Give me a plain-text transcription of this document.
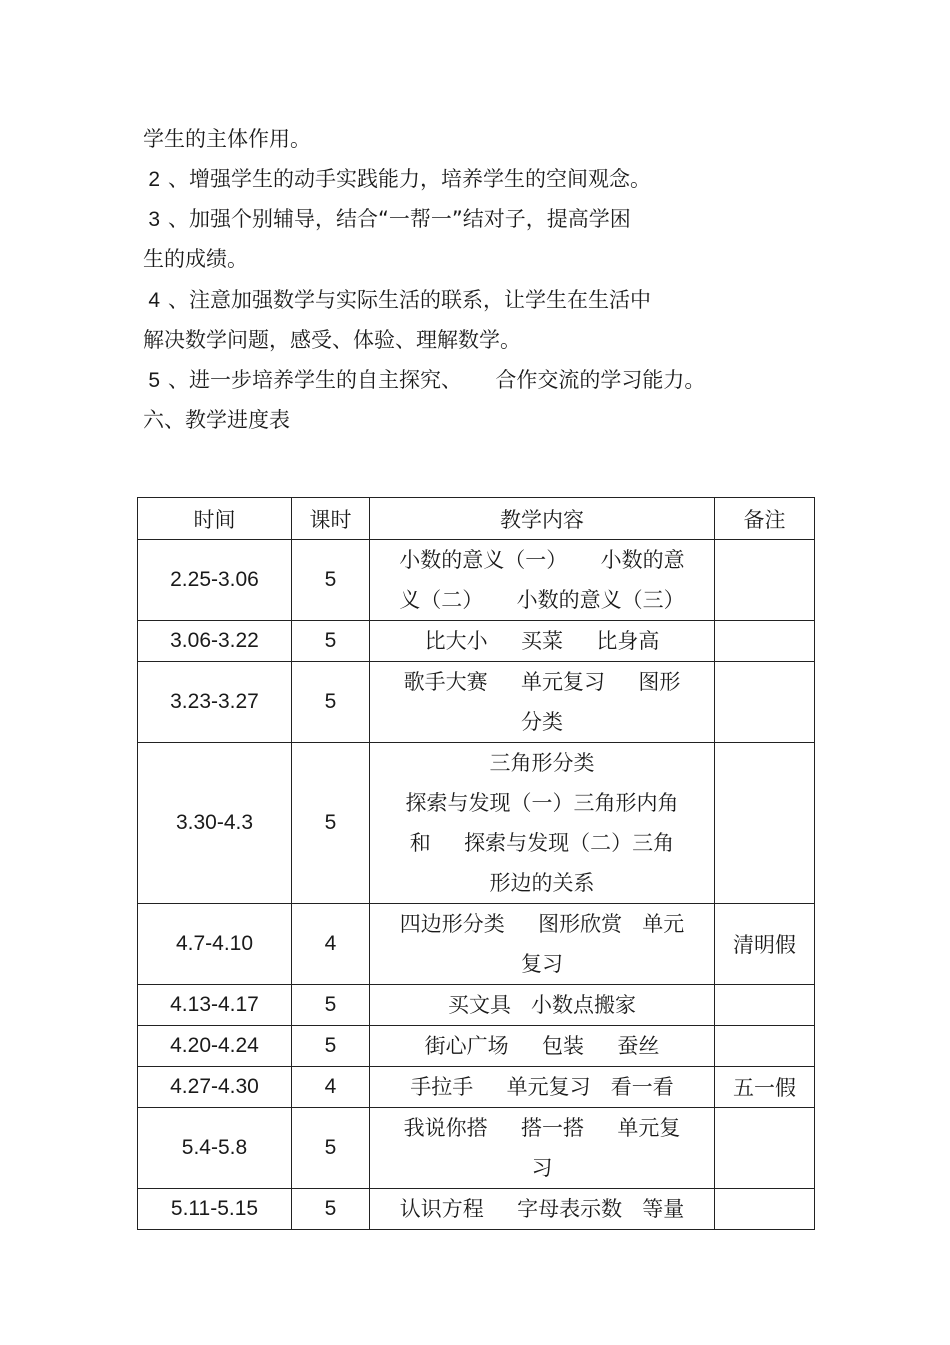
学生的主体作用。
2 、增强学生的动手实践能力，培养学生的空间观念。
3 、加强个别辅导，结合“一帮一”结对子，提高学困
生的成绩。
4 、注意加强数学与实际生活的联系，让学生在生活中
解决数学问题，感受、体验、理解数学。
5 、进一步培养学生的自主探究、     合作交流的学习能力。
六、教学进度表
时间	课时	教学内容	备注
2.25-3.06	5	小数的意义（一）     小数的意
义（二）     小数的意义（三）	

3.06-3.22	5	比大小     买菜     比身高	

3.23-3.27	5	歌手大赛     单元复习     图形
分类	

3.30-4.3	5	三角形分类
探索与发现（一）三角形内角
和     探索与发现（二）三角
形边的关系	

4.7-4.10	4	四边形分类     图形欣赏   单元
复习	清明假
4.13-4.17	5	买文具   小数点搬家	

4.20-4.24	5	街心广场     包装     蚕丝	

4.27-4.30	4	手拉手     单元复习   看一看	五一假
5.4-5.8	5	我说你搭     搭一搭     单元复
习	

5.11-5.15	5	认识方程     字母表示数   等量	
